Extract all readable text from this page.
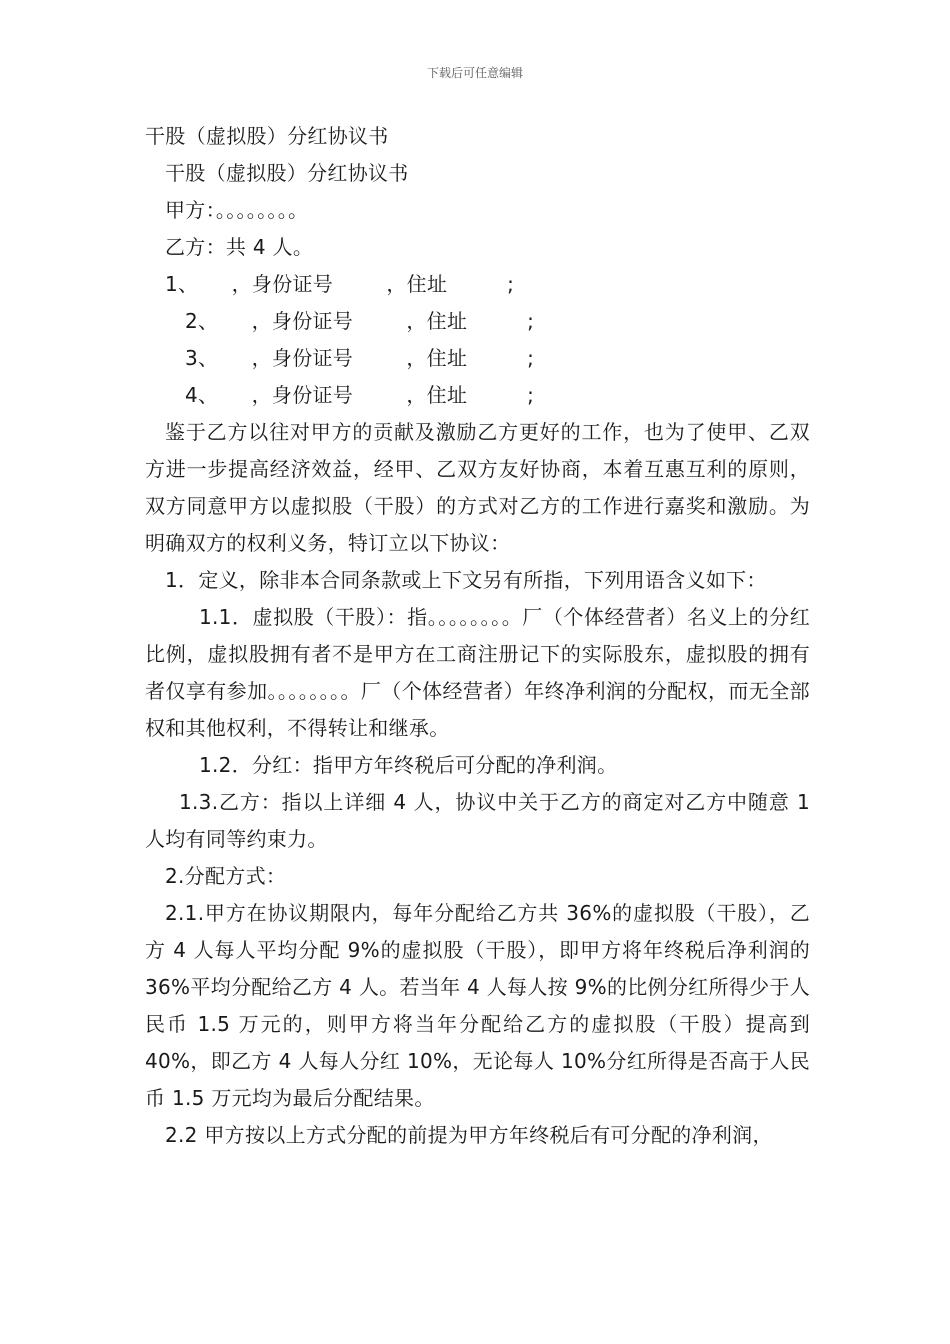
下载后可任意编辑
干股（虚拟股）分红协议书
干股（虚拟股）分红协议书
甲方：。。。。。。。。
乙方：共 4 人。
1、     ，身份证号        ，住址         ;
2、     ，身份证号        ，住址         ;
3、     ，身份证号        ，住址         ;
4、     ，身份证号        ，住址         ;
鉴于乙方以往对甲方的贡献及激励乙方更好的工作，也为了使甲、乙双方进一步提高经济效益，经甲、乙双方友好协商，本着互惠互利的原则，双方同意甲方以虚拟股（干股）的方式对乙方的工作进行嘉奖和激励。为明确双方的权利义务，特订立以下协议：
1．定义，除非本合同条款或上下文另有所指，下列用语含义如下：
1.1．虚拟股（干股）：指。。。。。。。。厂（个体经营者）名义上的分红比例，虚拟股拥有者不是甲方在工商注册记下的实际股东，虚拟股的拥有者仅享有参加。。。。。。。。厂（个体经营者）年终净利润的分配权，而无全部权和其他权利，不得转让和继承。
1.2．分红：指甲方年终税后可分配的净利润。
1.3.乙方：指以上详细 4 人，协议中关于乙方的商定对乙方中随意 1 人均有同等约束力。
2.分配方式：
2.1.甲方在协议期限内，每年分配给乙方共 36%的虚拟股（干股），乙方 4 人每人平均分配 9%的虚拟股（干股），即甲方将年终税后净利润的 36%平均分配给乙方 4 人。若当年 4 人每人按 9%的比例分红所得少于人民币 1.5 万元的，则甲方将当年分配给乙方的虚拟股（干股）提高到 40%，即乙方 4 人每人分红 10%，无论每人 10%分红所得是否高于人民币 1.5 万元均为最后分配结果。
2.2 甲方按以上方式分配的前提为甲方年终税后有可分配的净利润，
